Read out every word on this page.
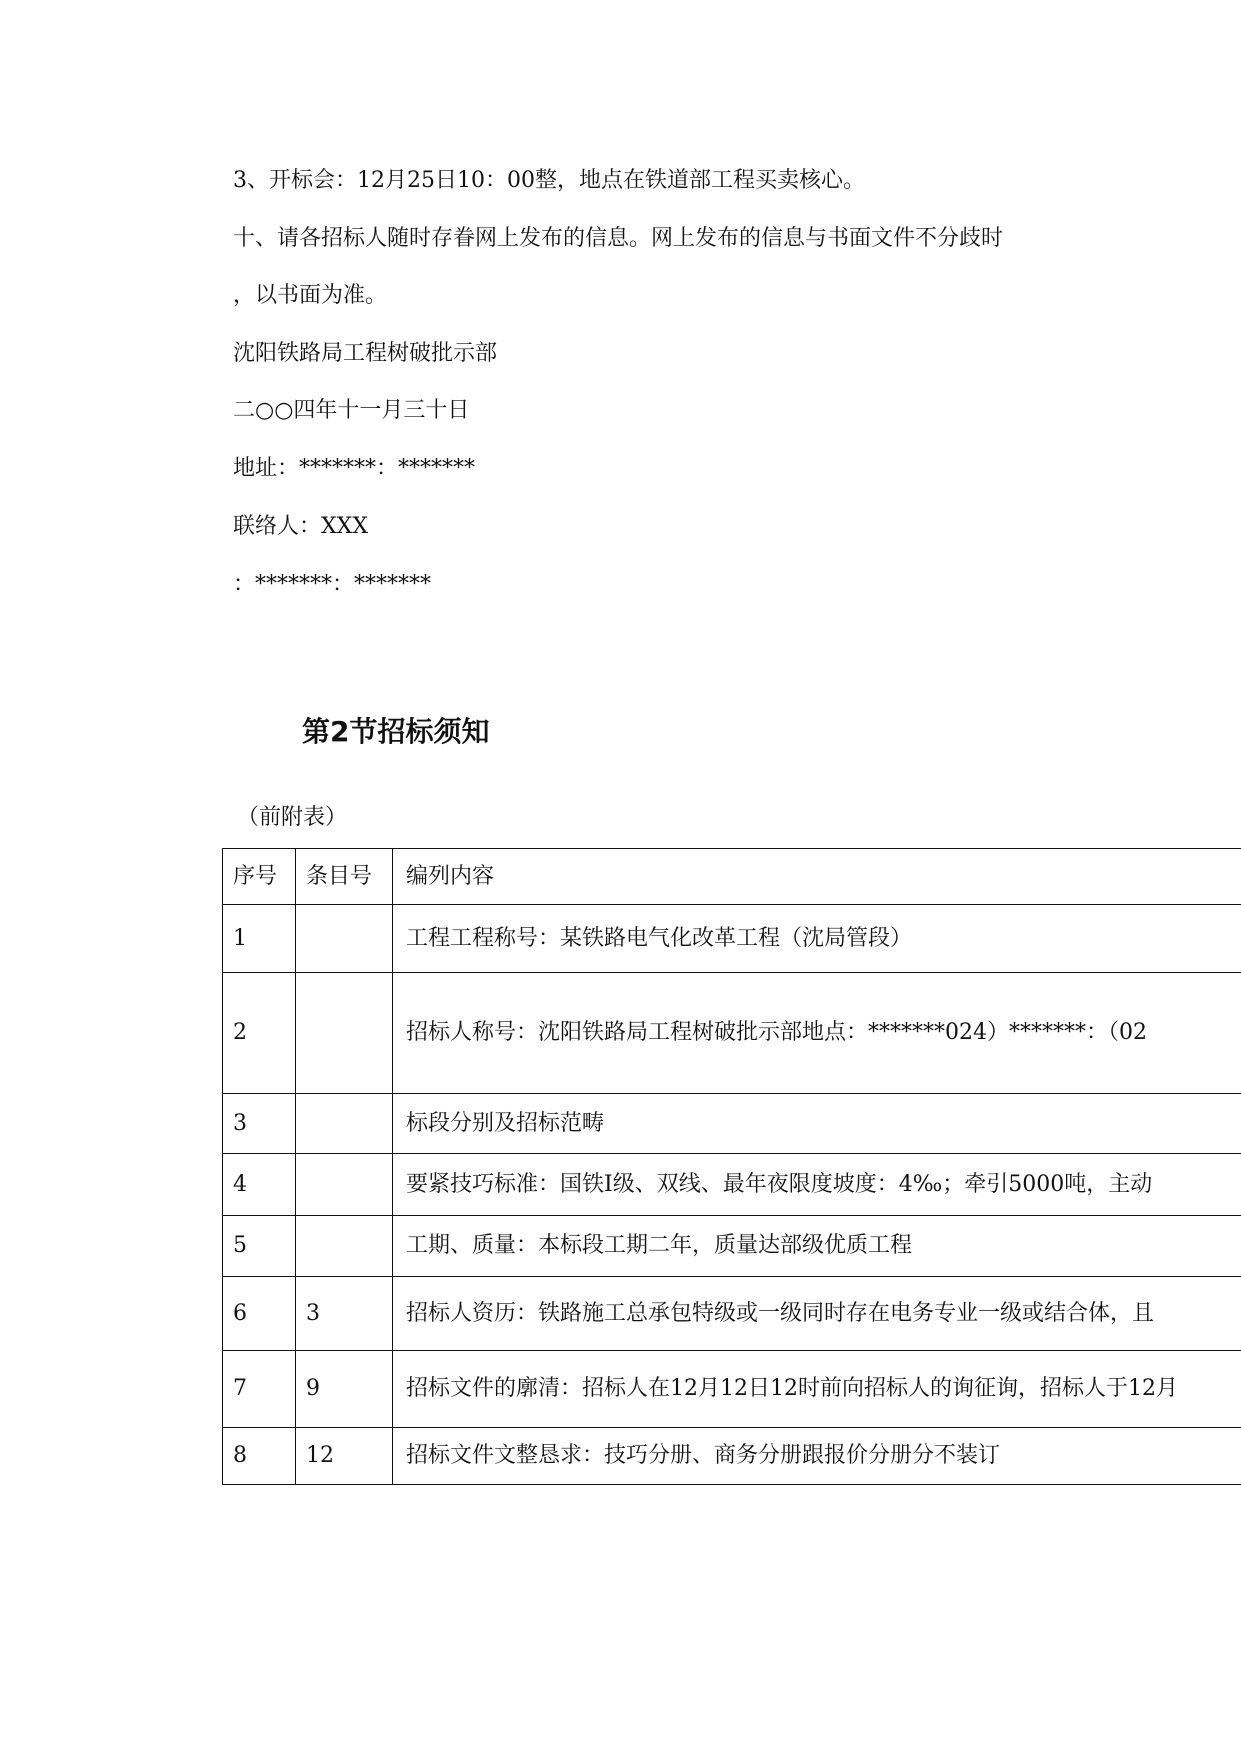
3、开标会：12月25日10：00整，地点在铁道部工程买卖核心。
十、请各招标人随时存眷网上发布的信息。网上发布的信息与书面文件不分歧时
，以书面为准。
沈阳铁路局工程树破批示部
二○○四年十一月三十日
地址：*******：*******
联络人：XXX
：*******：*******
第2节招标须知
（前附表）
序号	条目号	编列内容
1		工程工程称号：某铁路电气化改革工程（沈局管段）
2		招标人称号：沈阳铁路局工程树破批示部地点：*******024）*******：（02
3		标段分别及招标范畴
4		要紧技巧标准：国铁Ⅰ级、双线、最年夜限度坡度：4‰；牵引5000吨，主动
5		工期、质量：本标段工期二年，质量达部级优质工程
6	3	招标人资历：铁路施工总承包特级或一级同时存在电务专业一级或结合体，且
7	9	招标文件的廓清：招标人在12月12日12时前向招标人的询征询，招标人于12月
8	12	招标文件文整恳求：技巧分册、商务分册跟报价分册分不装订
